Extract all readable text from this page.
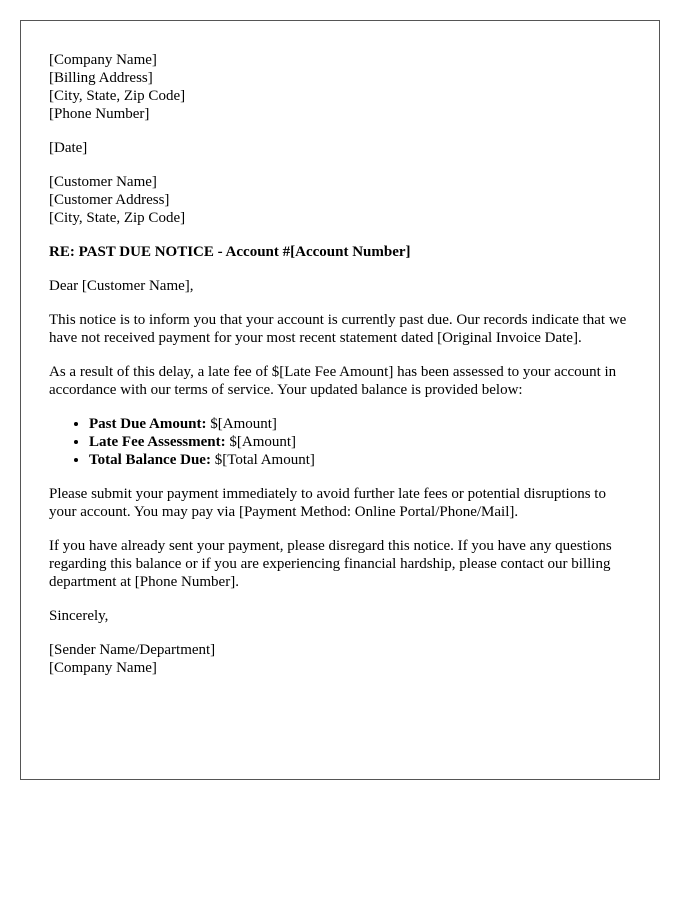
[Company Name]
[Billing Address]
[City, State, Zip Code]
[Phone Number]
[Date]
[Customer Name]
[Customer Address]
[City, State, Zip Code]

RE: PAST DUE NOTICE - Account #[Account Number]

Dear [Customer Name],

This notice is to inform you that your account is currently past due. Our records indicate that we have not received payment for your most recent statement dated [Original Invoice Date].

As a result of this delay, a late fee of $[Late Fee Amount] has been assessed to your account in accordance with our terms of service. Your updated balance is provided below:

• Past Due Amount: $[Amount]
• Late Fee Assessment: $[Amount]
• Total Balance Due: $[Total Amount]

Please submit your payment immediately to avoid further late fees or potential disruptions to your account. You may pay via [Payment Method: Online Portal/Phone/Mail].

If you have already sent your payment, please disregard this notice. If you have any questions regarding this balance or if you are experiencing financial hardship, please contact our billing department at [Phone Number].

Sincerely,

[Sender Name/Department]
[Company Name]
